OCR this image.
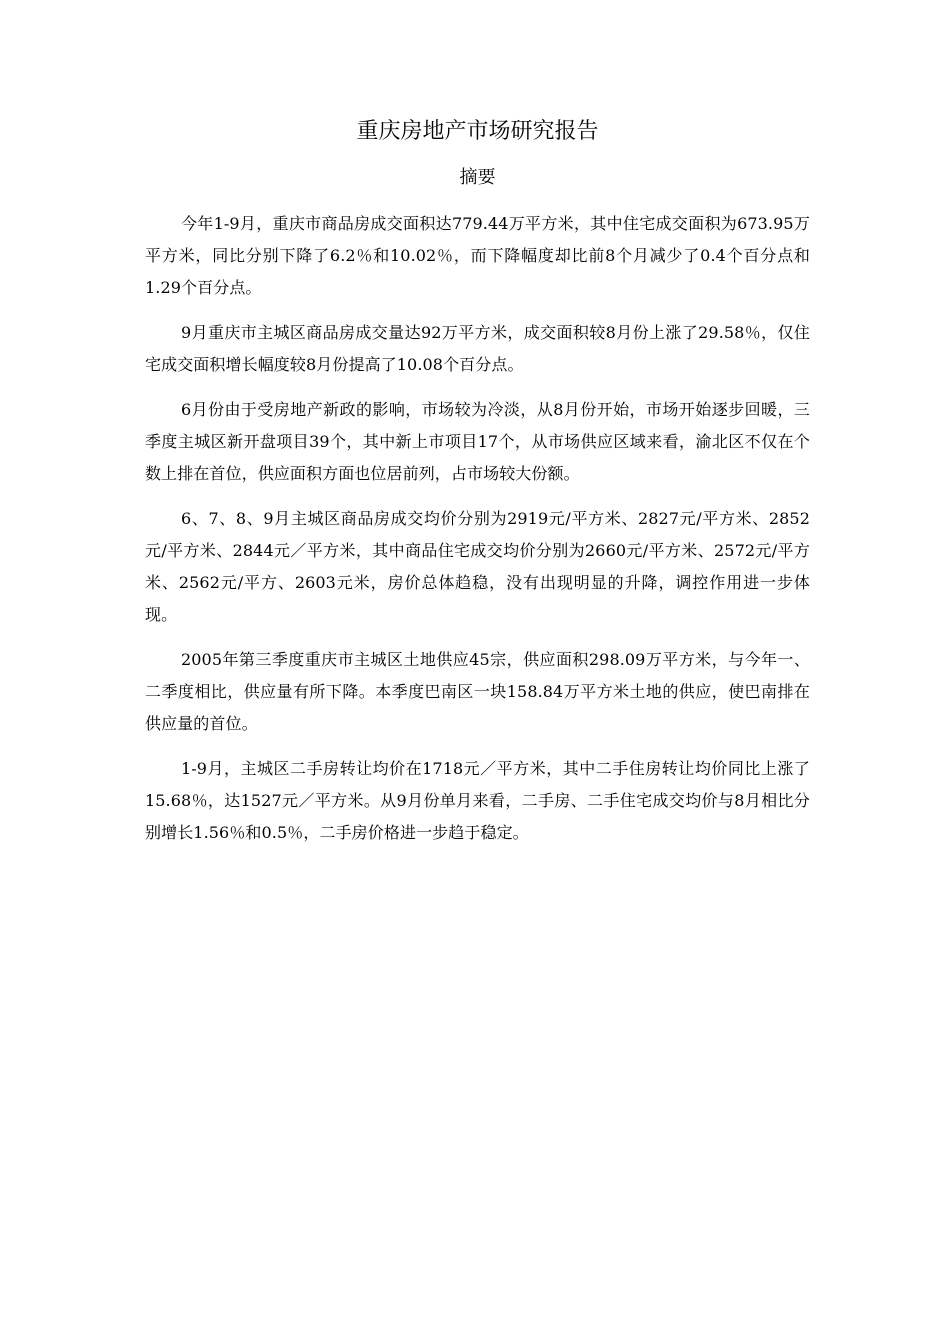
重庆房地产市场研究报告
摘要

今年1-9月，重庆市商品房成交面积达779.44万平方米，其中住宅成交面积为673.95万平方米，同比分别下降了6.2％和10.02％，而下降幅度却比前8个月减少了0.4个百分点和1.29个百分点。

9月重庆市主城区商品房成交量达92万平方米，成交面积较8月份上涨了29.58％，仅住宅成交面积增长幅度较8月份提高了10.08个百分点。

6月份由于受房地产新政的影响，市场较为冷淡，从8月份开始，市场开始逐步回暖，三季度主城区新开盘项目39个，其中新上市项目17个，从市场供应区域来看，渝北区不仅在个数上排在首位，供应面积方面也位居前列，占市场较大份额。

6、7、8、9月主城区商品房成交均价分别为2919元/平方米、2827元/平方米、2852元/平方米、2844元／平方米，其中商品住宅成交均价分别为2660元/平方米、2572元/平方米、2562元/平方、2603元米，房价总体趋稳，没有出现明显的升降，调控作用进一步体现。

2005年第三季度重庆市主城区土地供应45宗，供应面积298.09万平方米，与今年一、二季度相比，供应量有所下降。本季度巴南区一块158.84万平方米土地的供应，使巴南排在供应量的首位。

1-9月，主城区二手房转让均价在1718元／平方米，其中二手住房转让均价同比上涨了15.68％，达1527元／平方米。从9月份单月来看，二手房、二手住宅成交均价与8月相比分别增长1.56％和0.5％，二手房价格进一步趋于稳定。
